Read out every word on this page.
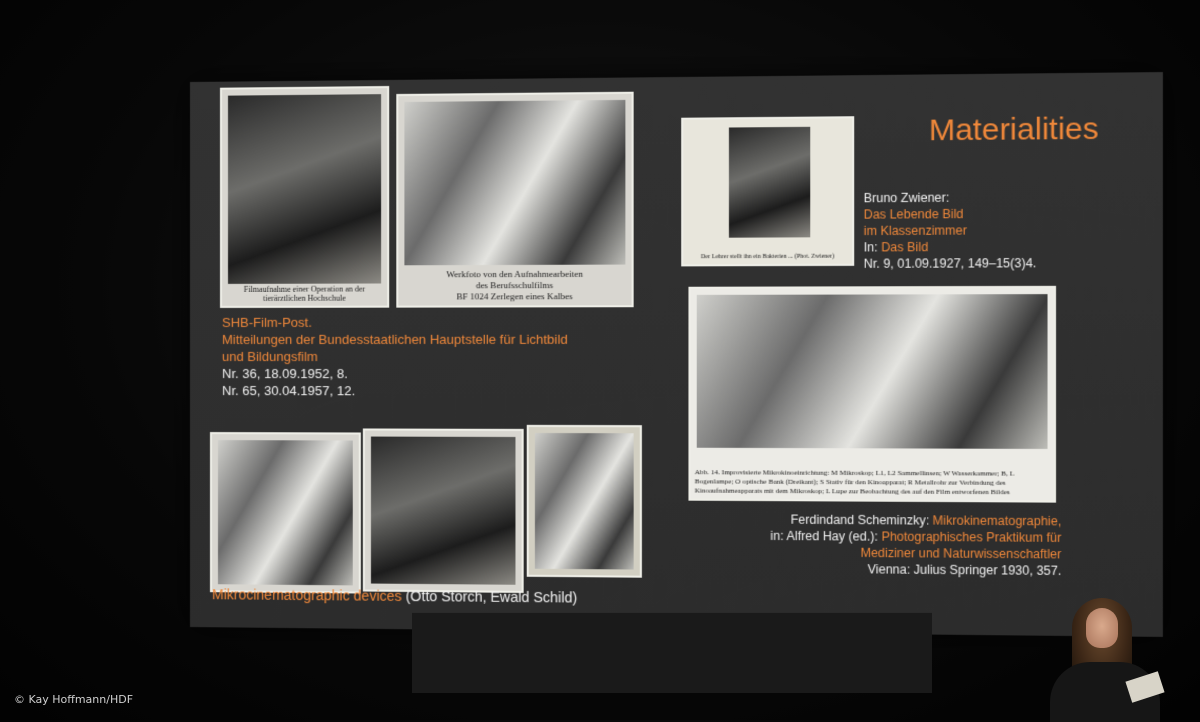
Filmaufnahme einer Operation an der tierärztlichen Hochschule
Werkfoto von den Aufnahmearbeiten
des Berufsschulfilms
BF 1024 Zerlegen eines Kalbes
Der Lehrer stellt ihn ein Bakterien ... (Phot. Zwiener)
Materialities
Bruno Zwiener:
Das Lebende Bild
im Klassenzimmer
In: Das Bild
Nr. 9, 01.09.1927, 149–15(3)4.
Abb. 14. Improvisierte Mikrokinoeinrichtung: M Mikroskop; L1, L2 Sammellinsen; W Wasserkammer; B, L Bogenlampe; O optische Bank (Dreikant); S Stativ für den Kinoapparat; R Metallrohr zur Verbindung des Kinoaufnahmeapparats mit dem Mikroskop; L Lupe zur Beobachtung des auf den Film entworfenen Bildes
SHB-Film-Post.
Mitteilungen der Bundesstaatlichen Hauptstelle für Lichtbild
und Bildungsfilm
Nr. 36, 18.09.1952, 8.
Nr. 65, 30.04.1957, 12.
Mikrocinematographic devices (Otto Storch, Ewald Schild)
Ferdindand Scheminzky: Mikrokinematographie,
in: Alfred Hay (ed.): Photographisches Praktikum für
Mediziner und Naturwissenschaftler
Vienna: Julius Springer 1930, 357.
© Kay Hoffmann/HDF
